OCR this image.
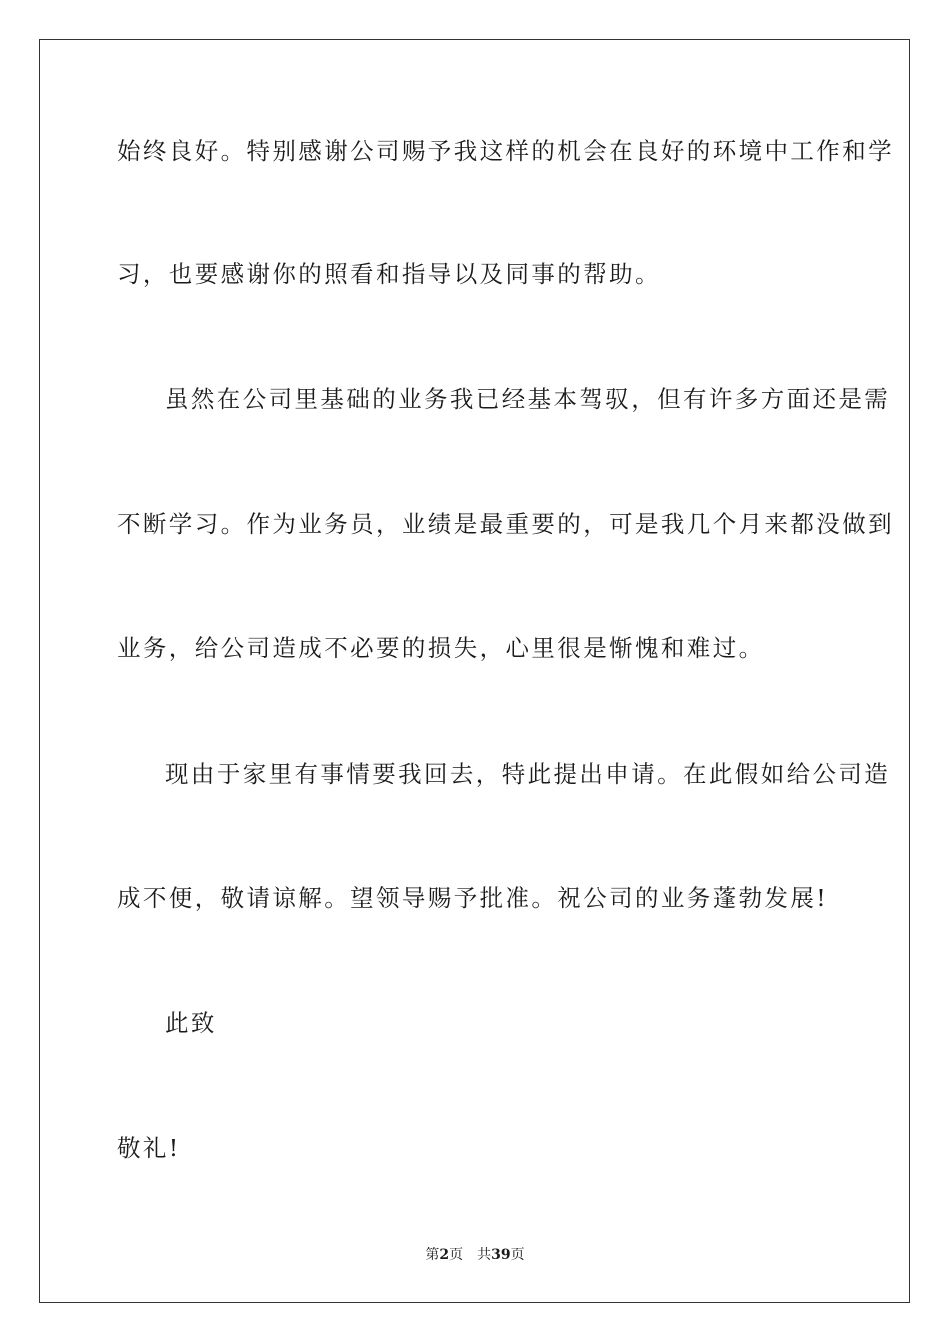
始终良好。特别感谢公司赐予我这样的机会在良好的环境中工作和学
习，也要感谢你的照看和指导以及同事的帮助。
虽然在公司里基础的业务我已经基本驾驭，但有许多方面还是需
不断学习。作为业务员，业绩是最重要的，可是我几个月来都没做到
业务，给公司造成不必要的损失，心里很是惭愧和难过。
现由于家里有事情要我回去，特此提出申请。在此假如给公司造
成不便，敬请谅解。望领导赐予批准。祝公司的业务蓬勃发展!
此致
敬礼!
第2页 共39页
